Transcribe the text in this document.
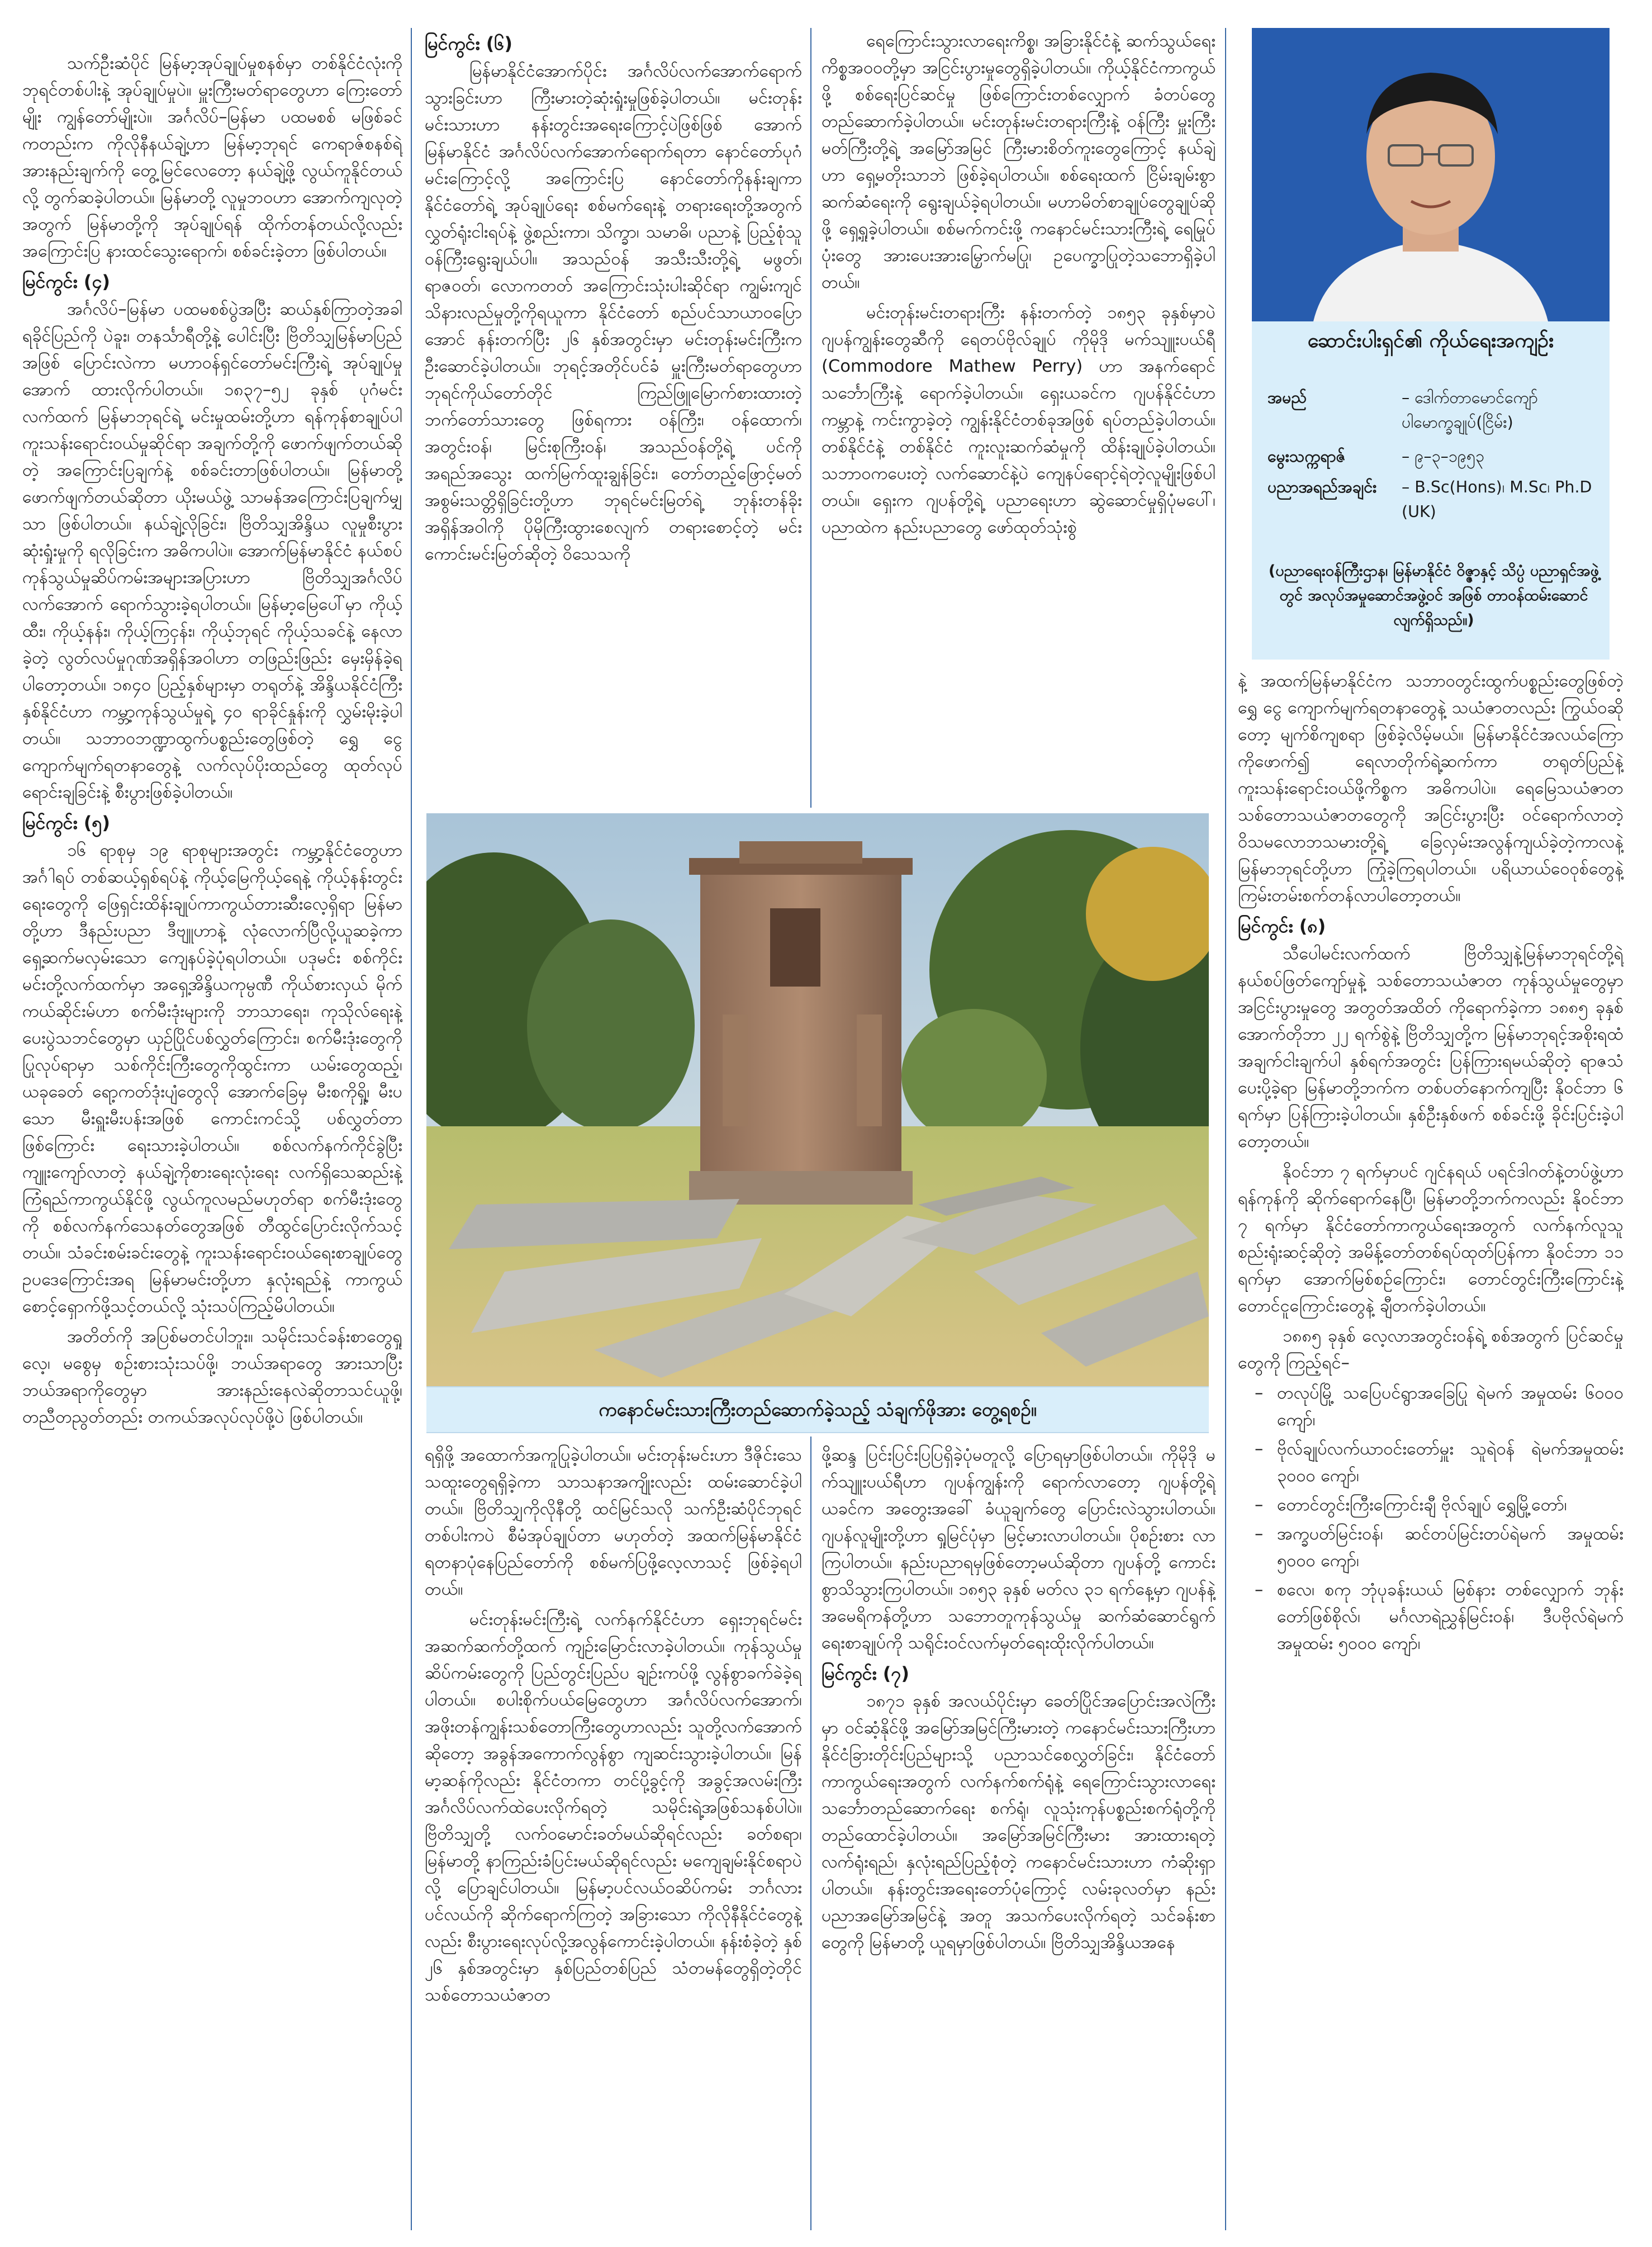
သက်ဦးဆံပိုင် မြန်မာ့အုပ်ချုပ်မှုစနစ်မှာ တစ်နိုင်ငံလုံးကို ဘုရင်တစ်ပါးနဲ့ အုပ်ချုပ်မှုပဲ။ မှူးကြီးမတ်ရာတွေဟာ ကြေးတော်မျိုး ကျွန်တော်မျိုးပဲ။ အင်္ဂလိပ်–မြန်မာ ပထမစစ် မဖြစ်ခင်ကတည်းက ကိုလိုနီနယ်ချဲ့ဟာ မြန်မာ့ဘုရင် ကေရာဇ်စနစ်ရဲ့ အားနည်းချက်ကို တွေ့မြင်လေတော့ နယ်ချဲ့ဖို့ လွယ်ကူနိုင်တယ်လို့ တွက်ဆခဲ့ပါတယ်။ မြန်မာတို့ လူမှုဘဝဟာ အောက်ကျလုတဲ့အတွက် မြန်မာတို့ကို အုပ်ချုပ်ရန် ထိုက်တန်တယ်လို့လည်း အကြောင်းပြ နားထင်သွေးရောက်၊ စစ်ခင်းခဲ့တာ ဖြစ်ပါတယ်။

မြင်ကွင်း (၄)

အင်္ဂလိပ်–မြန်မာ ပထမစစ်ပွဲအပြီး ဆယ်နှစ်ကြာတဲ့အခါ ရခိုင်ပြည်ကို ပဲခူး၊ တနင်္သာရီတို့နဲ့ ပေါင်းပြီး ဗြိတိသျှမြန်မာပြည်အဖြစ် ပြောင်းလဲကာ မဟာဝန်ရှင်တော်မင်းကြီးရဲ့ အုပ်ချုပ်မှုအောက် ထားလိုက်ပါတယ်။ ၁၈၃၇–၅၂ ခုနှစ် ပုဂံမင်း လက်ထက် မြန်မာဘုရင်ရဲ့ မင်းမှုထမ်းတို့ဟာ ရန်ကုန်စာချုပ်ပါ ကူးသန်းရောင်းဝယ်မှုဆိုင်ရာ အချက်တို့ကို ဖောက်ဖျက်တယ်ဆိုတဲ့ အကြောင်းပြချက်နဲ့ စစ်ခင်းတာဖြစ်ပါတယ်။ မြန်မာတို့ဖောက်ဖျက်တယ်ဆိုတာ ယိုးမယ်ဖွဲ့ သာမန်အကြောင်းပြချက်မျှသာ ဖြစ်ပါတယ်။ နယ်ချဲ့လိုခြင်း၊ ဗြိတိသျှအိန္ဒိယ လူမှုစီးပွားဆုံးရှုံးမှုကို ရလိုခြင်းက အဓိကပါပဲ။ အောက်မြန်မာနိုင်ငံ နယ်စပ်ကုန်သွယ်မှုဆိပ်ကမ်းအများအပြားဟာ ဗြိတိသျှအင်္ဂလိပ်လက်အောက် ရောက်သွားခဲ့ရပါတယ်။ မြန်မာ့မြေပေါ်မှာ ကိုယ့်ထီး၊ ကိုယ့်နန်း၊ ကိုယ့်ကြငှန်း၊ ကိုယ့်ဘုရင် ကိုယ့်သခင်နဲ့ နေလာခဲ့တဲ့ လွတ်လပ်မှုဂုဏ်အရှိန်အဝါဟာ တဖြည်းဖြည်း မှေးမှိန်ခဲ့ရပါတော့တယ်။ ၁၈၄၀ ပြည့်နှစ်များမှာ တရုတ်နဲ့ အိန္ဒိယနိုင်ငံကြီး နှစ်နိုင်ငံဟာ ကမ္ဘာ့ကုန်သွယ်မှုရဲ့ ၄၀ ရာခိုင်နှုန်းကို လွှမ်းမိုးခဲ့ပါတယ်။ သဘာဝဘဏ္ဍာထွက်ပစ္စည်းတွေဖြစ်တဲ့ ရွှေ ငွေ ကျောက်မျက်ရတနာတွေနဲ့ လက်လုပ်ပိုးထည်တွေ ထုတ်လုပ်ရောင်းချခြင်းနဲ့ စီးပွားဖြစ်ခဲ့ပါတယ်။

မြင်ကွင်း (၅)

၁၆ ရာစုမှ ၁၉ ရာစုများအတွင်း ကမ္ဘာ့နိုင်ငံတွေဟာ အင်္ဂါရပ် တစ်ဆယ့်ရှစ်ရပ်နဲ့ ကိုယ့်မြေကိုယ့်ရေနဲ့ ကိုယ့်နန်းတွင်းရေးတွေကို ဖြေရှင်းထိန်းချုပ်ကာကွယ်တားဆီးလေ့ရှိရာ မြန်မာတို့ဟာ ဒီနည်းပညာ ဒီဗျူဟာနဲ့ လုံလောက်ပြီလို့ယူဆခဲ့ကာ ရှေ့ဆက်မလှမ်းသော ကျေနပ်ခဲ့ပုံရပါတယ်။ ပဒုမင်း စစ်ကိုင်းမင်းတို့လက်ထက်မှာ အရှေ့အိန္ဒိယကုမ္ပဏီ ကိုယ်စားလှယ် မိုက်ကယ်ဆိုင်းမ်ဟာ စက်မီးဒုံးများကို ဘာသာရေး၊ ကုသိုလ်ရေးနဲ့ ပေးပွဲသဘင်တွေမှာ ယှဉ်ပြိုင်ပစ်လွှတ်ကြောင်း၊ စက်မီးဒုံးတွေကို ပြုလုပ်ရာမှာ သစ်ကိုင်းကြီးတွေကိုထွင်းကာ ယမ်းတွေထည့်၊ ယခုခေတ် ရော့ကတ်ဒုံးပျံတွေလို အောက်ခြေမှ မီးစကိုရှို့၊ မီးပသော မီးရှူးမီးပန်းအဖြစ် ကောင်းကင်သို့ ပစ်လွှတ်တာဖြစ်ကြောင်း ရေးသားခဲ့ပါတယ်။ စစ်လက်နက်ကိုင်ခွဲပြီး ကျူးကျော်လာတဲ့ နယ်ချဲ့ကိုစားရေးလုံးရေး လက်ရှိသေဆည်းနဲ့ ကြံရည်ကာကွယ်နိုင်ဖို့ လွယ်ကူလမည်မဟုတ်ရာ စက်မီးဒုံးတွေကို စစ်လက်နက်သေနတ်တွေအဖြစ် တီထွင်ပြောင်းလိုက်သင့်တယ်။ သံခင်းစမ်းခင်းတွေနဲ့ ကူးသန်းရောင်းဝယ်ရေးစာချုပ်တွေ ဥပဒေကြောင်းအရ မြန်မာမင်းတို့ဟာ နှလုံးရည်နဲ့ ကာကွယ်စောင့်ရှောက်ဖို့သင့်တယ်လို့ သုံးသပ်ကြည့်မိပါတယ်။

အတိတ်ကို အပြစ်မတင်ပါဘူး။ သမိုင်းသင်ခန်းစာတွေရှုလေ့၊ မစွေမှ စဉ်းစားသုံးသပ်ဖို့၊ ဘယ်အရာတွေ အားသာပြီး ဘယ်အရာကိုတွေမှာ အားနည်းနေလဲဆိုတာသင်ယူဖို့၊ တညီတညွတ်တည်း တကယ်အလုပ်လုပ်ဖို့ပဲ ဖြစ်ပါတယ်။

မြင်ကွင်း (၆)

မြန်မာနိုင်ငံအောက်ပိုင်း အင်္ဂလိပ်လက်အောက်ရောက်သွားခြင်းဟာ ကြီးမားတဲ့ဆုံးရှုံးမှုဖြစ်ခဲ့ပါတယ်။ မင်းတုန်းမင်းသားဟာ နန်းတွင်းအရေးကြောင့်ပဲဖြစ်ဖြစ် အောက်မြန်မာနိုင်ငံ အင်္ဂလိပ်လက်အောက်ရောက်ရတာ နောင်တော်ပုဂံမင်းကြောင့်လို့ အကြောင်းပြ နောင်တော်ကိုနန်းချကာ နိုင်ငံတော်ရဲ့ အုပ်ချုပ်ရေး စစ်မက်ရေးနဲ့ တရားရေးတို့အတွက် လွှတ်ရုံးငါးရပ်နဲ့ ဖွဲ့စည်းကာ၊ သိက္ခာ၊ သမာဓိ၊ ပညာနဲ့ ပြည့်စုံသူ ဝန်ကြီးရွေးချယ်ပါ။ အသည်ဝန် အသီးသီးတို့ရဲ့ မဖွတ်၊ ရာဇဝတ်၊ လောကတတ် အကြောင်းသုံးပါးဆိုင်ရာ ကျွမ်းကျင်သိနားလည်မှုတို့ကိုရယူကာ နိုင်ငံတော် စည်ပင်သာယာဝပြောအောင် နန်းတက်ပြီး ၂၆ နှစ်အတွင်းမှာ မင်းတုန်းမင်းကြီးက ဦးဆောင်ခဲ့ပါတယ်။ ဘုရင့်အတိုင်ပင်ခံ မှူးကြီးမတ်ရာတွေဟာ ဘုရင်ကိုယ်တော်တိုင် ကြည်ဖြူမြောက်စားထားတဲ့ ဘက်တော်သားတွေ ဖြစ်ရကား ဝန်ကြီး၊ ဝန်ထောက်၊ အတွင်းဝန်၊ မြင်းစုကြီးဝန်၊ အသည်ဝန်တို့ရဲ့ ပင်ကိုအရည်အသွေး ထက်မြက်ထူးချွန်ခြင်း၊ တော်တည့်ဖြောင့်မတ်အစွမ်းသတ္တိရှိခြင်းတို့ဟာ ဘုရင်မင်းမြတ်ရဲ့ ဘုန်းတန်ခိုးအရှိန်အဝါကို ပိုမိုကြီးထွားစေလျက် တရားစောင့်တဲ့ မင်းကောင်းမင်းမြတ်ဆိုတဲ့ ဝိသေသကို

ရေကြောင်းသွားလာရေးကိစ္စ၊ အခြားနိုင်ငံနဲ့ ဆက်သွယ်ရေးကိစ္စအဝဝတို့မှာ အငြင်းပွားမှုတွေရှိခဲ့ပါတယ်။ ကိုယ့်နိုင်ငံကာကွယ်ဖို့ စစ်ရေးပြင်ဆင်မှု ဖြစ်ကြောင်းတစ်လျှောက် ခံတပ်တွေတည်ဆောက်ခဲ့ပါတယ်။ မင်းတုန်းမင်းတရားကြီးနဲ့ ဝန်ကြီး မှူးကြီးမတ်ကြီးတို့ရဲ့ အမြော်အမြင် ကြီးမားစိတ်ကူးတွေကြောင့် နယ်ချဲ့ဟာ ရှေ့မတိုးသာဘဲ ဖြစ်ခဲ့ရပါတယ်။ စစ်ရေးထက် ငြိမ်းချမ်းစွာဆက်ဆံရေးကို ရွေးချယ်ခဲ့ရပါတယ်။ မဟာမိတ်စာချုပ်တွေချုပ်ဆိုဖို့ ရှေ့ရှုခဲ့ပါတယ်။ စစ်မက်ကင်းဖို့ ကနောင်မင်းသားကြီးရဲ့ ရေမြုပ်ပုံးတွေ အားပေးအားမြှောက်မပြု၊ ဥပေက္ခာပြုတဲ့သဘောရှိခဲ့ပါတယ်။

မင်းတုန်းမင်းတရားကြီး နန်းတက်တဲ့ ၁၈၅၃ ခုနှစ်မှာပဲ ဂျပန်ကျွန်းတွေဆီကို ရေတပ်ဗိုလ်ချုပ် ကိုမိုဒို မက်သျူးပယ်ရီ (Commodore Mathew Perry) ဟာ အနက်ရောင်သင်္ဘောကြီးနဲ့ ရောက်ခဲ့ပါတယ်။ ရှေးယခင်က ဂျပန်နိုင်ငံဟာ ကမ္ဘာနဲ့ ကင်းကွာခဲ့တဲ့ ကျွန်းနိုင်ငံတစ်ခုအဖြစ် ရပ်တည်ခဲ့ပါတယ်။ တစ်နိုင်ငံနဲ့ တစ်နိုင်ငံ ကူးလူးဆက်ဆံမှုကို ထိန်းချုပ်ခဲ့ပါတယ်။ သဘာဝကပေးတဲ့ လက်ဆောင်နဲ့ပဲ ကျေနပ်ရောင့်ရဲတဲ့လူမျိုးဖြစ်ပါတယ်။ ရှေးက ဂျပန်တို့ရဲ့ ပညာရေးဟာ ဆွဲဆောင်မှုရှိပုံမပေါ်၊ ပညာထဲက နည်းပညာတွေ ဖော်ထုတ်သုံးစွဲ

ကနောင်မင်းသားကြီးတည်ဆောက်ခဲ့သည့် သံချက်ဖိုအား တွေ့ရစဉ်။

ရရှိဖို့ အထောက်အကူပြုခဲ့ပါတယ်။ မင်းတုန်းမင်းဟာ ဒီဇိုင်းသေသထူးတွေရရှိခဲ့ကာ သာသနာအကျိုးလည်း ထမ်းဆောင်ခဲ့ပါတယ်။ ဗြိတိသျှကိုလိုနီတို့ ထင်မြင်သလို သက်ဦးဆံပိုင်ဘုရင်တစ်ပါးကပဲ စီမံအုပ်ချုပ်တာ မဟုတ်တဲ့ အထက်မြန်မာနိုင်ငံ ရတနာပုံနေပြည်တော်ကို စစ်မက်ပြဖို့လေ့လာသင့် ဖြစ်ခဲ့ရပါတယ်။

မင်းတုန်းမင်းကြီးရဲ့ လက်နက်နိုင်ငံဟာ ရှေးဘုရင်မင်းအဆက်ဆက်တို့ထက် ကျဉ်းမြောင်းလာခဲ့ပါတယ်။ ကုန်သွယ်မှုဆိပ်ကမ်းတွေကို ပြည်တွင်းပြည်ပ ချဉ်းကပ်ဖို့ လွန်စွာခက်ခဲခဲ့ရပါတယ်။ စပါးစိုက်ပယ်မြေတွေဟာ အင်္ဂလိပ်လက်အောက်၊ အဖိုးတန်ကျွန်းသစ်တောကြီးတွေဟာလည်း သူတို့လက်အောက်ဆိုတော့ အခွန်အကောက်လွန်စွာ ကျဆင်းသွားခဲ့ပါတယ်။ မြန်မာ့ဆန်ကိုလည်း နိုင်ငံတကာ တင်ပို့ခွင့်ကို အခွင့်အလမ်းကြီး အင်္ဂလိပ်လက်ထဲပေးလိုက်ရတဲ့ သမိုင်းရဲ့အဖြစ်သနစ်ပါပဲ။ ဗြိတိသျှတို့ လက်ဝမောင်းခတ်မယ်ဆိုရင်လည်း ခတ်စရာ၊ မြန်မာတို့ နာကြည်းခံပြင်းမယ်ဆိုရင်လည်း မကျေချမ်းနိုင်စရာပဲလို့ ပြောချင်ပါတယ်။ မြန်မာ့ပင်လယ်ဝဆိပ်ကမ်း ဘင်္ဂလားပင်လယ်ကို ဆိုက်ရောက်ကြတဲ့ အခြားသော ကိုလိုနီနိုင်ငံတွေနဲ့လည်း စီးပွားရေးလုပ်လို့အလွန်ကောင်းခဲ့ပါတယ်။ နန်းစံခဲ့တဲ့ နှစ် ၂၆ နှစ်အတွင်းမှာ နှစ်ပြည်တစ်ပြည် သံတမန်တွေရှိတဲ့တိုင် သစ်တောသယံဇာတ

ဖို့ဆန္ဒ ပြင်းပြင်းပြပြရှိခဲ့ပုံမတူလို့ ပြောရမှာဖြစ်ပါတယ်။ ကိုမိုဒို မက်သျူးပယ်ရီဟာ ဂျပန်ကျွန်းကို ရောက်လာတော့ ဂျပန်တို့ရဲ့ ယခင်က အတွေးအခေါ် ခံယူချက်တွေ ပြောင်းလဲသွားပါတယ်။ ဂျပန်လူမျိုးတို့ဟာ ရှုမြင်ပုံမှာ မြင့်မားလာပါတယ်။ ပိုစဉ်းစား လာကြပါတယ်။ နည်းပညာရမှဖြစ်တော့မယ်ဆိုတာ ဂျပန်တို့ ကောင်းစွာသိသွားကြပါတယ်။ ၁၈၅၃ ခုနှစ် မတ်လ ၃၁ ရက်နေ့မှာ ဂျပန်နဲ့အမေရိကန်တို့ဟာ သဘောတူကုန်သွယ်မှု ဆက်ဆံဆောင်ရွက်ရေးစာချုပ်ကို သရိုင်းဝင်လက်မှတ်ရေးထိုးလိုက်ပါတယ်။

မြင်ကွင်း (၇)

၁၈၇၁ ခုနှစ် အလယ်ပိုင်းမှာ ခေတ်ပြိုင်အပြောင်းအလဲကြီးမှာ ဝင်ဆံ့နိုင်ဖို့ အမြော်အမြင်ကြီးမားတဲ့ ကနောင်မင်းသားကြီးဟာ နိုင်ငံခြားတိုင်းပြည်များသို့ ပညာသင်စေလွှတ်ခြင်း၊ နိုင်ငံတော်ကာကွယ်ရေးအတွက် လက်နက်စက်ရုံနဲ့ ရေကြောင်းသွားလာရေး သင်္ဘောတည်ဆောက်ရေး စက်ရုံ၊ လူသုံးကုန်ပစ္စည်းစက်ရုံတို့ကို တည်ထောင်ခဲ့ပါတယ်။ အမြော်အမြင်ကြီးမား အားထားရတဲ့ လက်ရုံးရည်၊ နှလုံးရည်ပြည့်စုံတဲ့ ကနောင်မင်းသားဟာ ကံဆိုးရှာပါတယ်။ နန်းတွင်းအရေးတော်ပုံကြောင့် လမ်းခုလတ်မှာ နည်းပညာအမြော်အမြင်နဲ့ အတူ အသက်ပေးလိုက်ရတဲ့ သင်ခန်းစာတွေကို မြန်မာတို့ ယူရမှာဖြစ်ပါတယ်။ ဗြိတိသျှအိန္ဒိယအနေ

ဆောင်းပါးရှင်၏ ကိုယ်ရေးအကျဉ်း
အမည်	– ဒေါက်တာမောင်ကျော် ပါမောက္ခချုပ်(ငြိမ်း)
မွေးသက္ကရာဇ်	– ၉–၃–၁၉၅၃
ပညာအရည်အချင်း	– B.Sc(Hons)၊ M.Sc၊ Ph.D (UK)
(ပညာရေးဝန်ကြီးဌာန၊ မြန်မာနိုင်ငံ ဝိဇ္ဇာနှင့် သိပ္ပံ ပညာရှင်အဖွဲ့တွင် အလုပ်အမှုဆောင်အဖွဲ့ဝင် အဖြစ် တာဝန်ထမ်းဆောင်လျက်ရှိသည်။)

နဲ့ အထက်မြန်မာနိုင်ငံက သဘာဝတွင်းထွက်ပစ္စည်းတွေဖြစ်တဲ့ ရွှေ ငွေ ကျောက်မျက်ရတနာတွေနဲ့ သယံဇာတလည်း ကြွယ်ဝဆိုတော့ မျက်စိကျစရာ ဖြစ်ခဲ့လိမ့်မယ်။ မြန်မာနိုင်ငံအလယ်ကြောကိုဖောက်၍ ရေလာတိုက်ရဲ့ဆက်ကာ တရုတ်ပြည်နဲ့ ကူးသန်းရောင်းဝယ်ဖို့ကိစ္စက အဓိကပါပဲ။ ရေမြေသယံဇာတ သစ်တောသယံဇာတတွေကို အငြင်းပွားပြီး ဝင်ရောက်လာတဲ့ ဝိသမလောဘသမားတို့ရဲ့ ခြေလှမ်းအလွန်ကျယ်ခဲ့တဲ့ကာလနဲ့ မြန်မာဘုရင်တို့ဟာ ကြုံခဲ့ကြရပါတယ်။ ပရိယာယ်ဝေဝုစ်တွေနဲ့ ကြမ်းတမ်းစက်တန်လာပါတော့တယ်။

မြင်ကွင်း (၈)

သီပေါမင်းလက်ထက် ဗြိတိသျှနဲ့မြန်မာဘုရင်တို့ရဲ့ နယ်စပ်ဖြတ်ကျော်မှုနဲ့ သစ်တောသယံဇာတ ကုန်သွယ်မှုတွေမှာ အငြင်းပွားမှုတွေ အတွတ်အထိတ် ကိုရောက်ခဲ့ကာ ၁၈၈၅ ခုနှစ် အောက်တိုဘာ ၂၂ ရက်စွဲနဲ့ ဗြိတိသျှတို့က မြန်မာဘုရင့်အစိုးရထံ အချက်ငါးချက်ပါ နှစ်ရက်အတွင်း ပြန်ကြားရမယ်ဆိုတဲ့ ရာဇသံပေးပို့ခဲ့ရာ မြန်မာတို့ဘက်က တစ်ပတ်နောက်ကျပြီး နိုဝင်ဘာ ၆ ရက်မှာ ပြန်ကြားခဲ့ပါတယ်။ နှစ်ဦးနှစ်ဖက် စစ်ခင်းဖို့ ခိုင်းပြင်းခဲ့ပါတော့တယ်။

နိုဝင်ဘာ ၇ ရက်မှာပင် ဂျင်နရယ် ပရင်ဒါဂတ်နဲ့တပ်ဖွဲ့ဟာ ရန်ကုန်ကို ဆိုက်ရောက်နေပြီ၊ မြန်မာတို့ဘက်ကလည်း နိုဝင်ဘာ ၇ ရက်မှာ နိုင်ငံတော်ကာကွယ်ရေးအတွက် လက်နက်လူသူစည်းရုံးဆင့်ဆိုတဲ့ အမိန့်တော်တစ်ရပ်ထုတ်ပြန်ကာ နိုဝင်ဘာ ၁၁ ရက်မှာ အောက်မြစ်စဉ်ကြောင်း၊ တောင်တွင်းကြီးကြောင်းနဲ့ တောင်ငူကြောင်းတွေနဲ့ ချီတက်ခဲ့ပါတယ်။

၁၈၈၅ ခုနှစ် လေ့လာအတွင်းဝန်ရဲ့ စစ်အတွက် ပြင်ဆင်မှုတွေကို ကြည့်ရင်–

– တလုပ်မြို့ သပြေပင်ရွာအခြေပြု ရဲမက် အမှုထမ်း ၆၀၀၀ ကျော်၊
– ဗိုလ်ချုပ်လက်ယာဝင်းတော်မှူး သူရဲဝန် ရဲမက်အမှုထမ်း ၃၀၀၀ ကျော်၊
– တောင်တွင်းကြီးကြောင်းချီ ဗိုလ်ချုပ် ရွှေမြို့တော်၊
– အက္ခပတ်မြင်းဝန်၊ ဆင်တပ်မြင်းတပ်ရဲမက် အမှုထမ်း ၅၀၀၀ ကျော်၊
– စလေ၊ စကု ဘုံပုခန်းယယ် မြစ်နား တစ်လျှောက် ဘုန်းတော်ဖြစ်စိုလ်၊ မင်္ဂလာရဲညွှန်မြင်းဝန်၊ ဒီပဗိုလ်ရဲမက်အမှုထမ်း ၅၀၀၀ ကျော်၊
